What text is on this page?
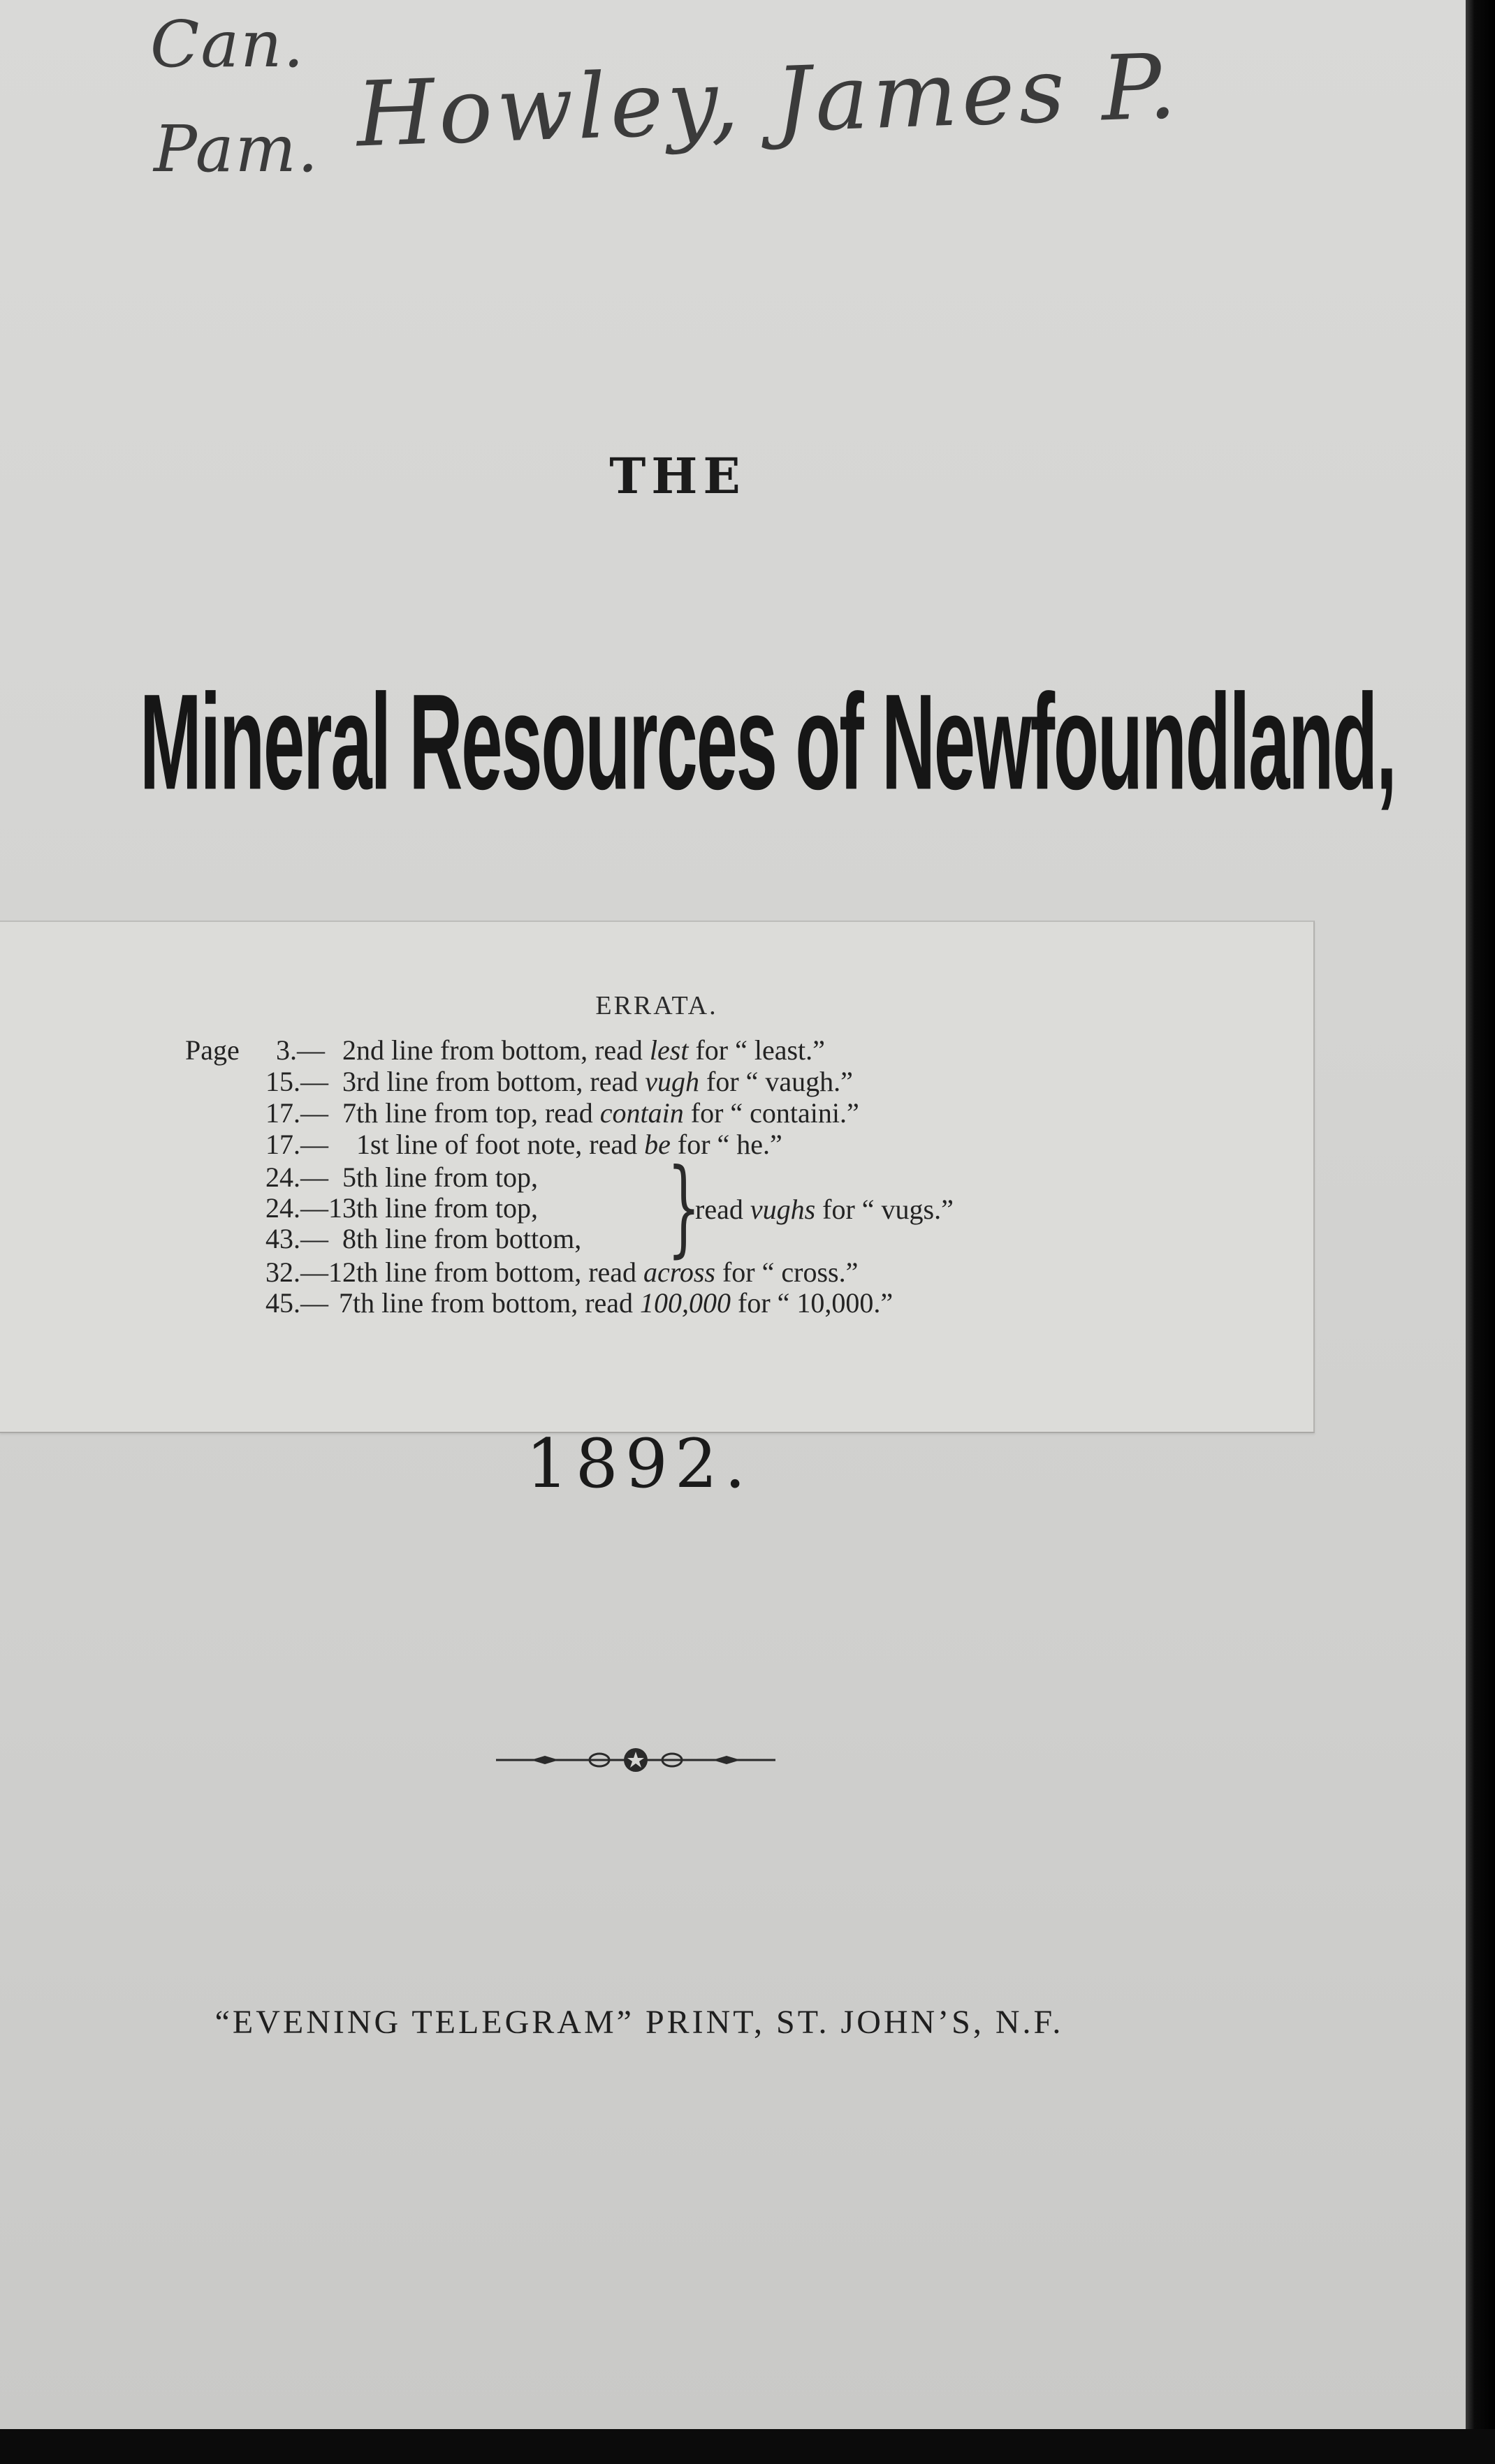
Can.
Pam. Howley, James P.
THE
Mineral Resources of Newfoundland,
ERRATA.
Page 3.— 2nd line from bottom, read lest for “ least.”
15.— 3rd line from bottom, read vugh for “ vaugh.”
17.— 7th line from top, read contain for “ containi.”
17.— 1st line of foot note, read be for “ he.”
24.— 5th line from top,
24.— 13th line from top,
43.— 8th line from bottom, }
read vughs for “ vugs.”
32.— 12th line from bottom, read across for “ cross.”
45.— 7th line from bottom, read 100,000 for “ 10,000.”
1892.
“EVENING TELEGRAM” PRINT, ST. JOHN’S, N.F.
